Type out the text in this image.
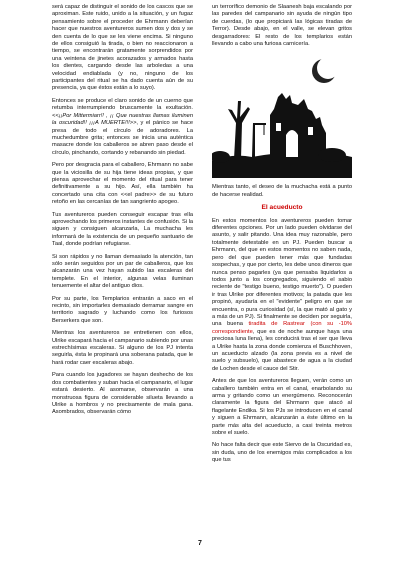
será capaz de distinguir el sonido de los cascos que se aproximan. Este ruido, unido a la situación, y un fugaz pensamiento sobre el proceder de Ehrmann deberían hacer que nuestros aventureros sumen dos y dos y se den cuenta de lo que se les viene encima. Si ninguno de ellos consiguió la tirada, o bien no reaccionaron a tiempo, se encontrarán gratamente sorprendidos por una veintena de jinetes acorazados y armados hasta los dientes, cargando desde las arboledas a una velocidad endiablada (y no, ninguno de los participantes del ritual se ha dado cuenta aún de su presencia, ya que éstos están a lo suyo).

Entonces se produce el claro sonido de un cuerno que retumba interrumpiendo bruscamente la exultación. <<¡¡Por Mittermiarr!! , ¡¡ Que nuestras llamas iluminen la oscuridad!! ¡¡¡A MUERTE!!!>>, y el pánico se hace presa de todo el círculo de adoradores. La muchedumbre grita; entonces se inicia una auténtica masacre donde los caballeros se abren paso desde el círculo, pinchando, cortando y rebanando sin piedad.

Pero por desgracia para el caballero, Ehrmann no sabe que la viciosilla de su hija tiene ideas propias, y que piensa aprovechar el momento del ritual para tener definitivamente a su hijo. Así, ella también ha concertado una cita con <<el padre>> de su futuro retoño en las cercanías de tan sangriento apogeo.

Tus aventureros pueden conseguir escapar tras ella aprovechando los primeros instantes de confusión. Si la siguen y consiguen alcanzarla, La muchacha les informará de la existencia de un pequeño santuario de Taal, donde podrían refugiarse.

Si son rápidos y no llaman demasiado la atención, tan sólo serán seguidos por un par de caballeros, que los alcanzarán una vez hayan subido las escaleras del templete. En el interior, algunas velas iluminan tenuemente el altar del antiguo dios.

Por su parte, los Templarios entrarán a saco en el recinto, sin importarles demasiado derramar sangre en territorio sagrado y luchando como los furiosos Berserkers que son.

Mientras los aventureros se entretienen con ellos, Ulrike escapará hacia el campanario subiendo por unas estrechísimas escaleras. Si alguno de los PJ intenta seguirla, ésta le propinará una soberana patada, que le hará rodar caer escaleras abajo.

Para cuando los jugadores se hayan deshecho de los dos combatientes y suban hacia el campanario, el lugar estará desierto. Al asomarse, observarán a una monstruosa figura de considerable silueta llevando a Ulrike a hombros y no precisamente de mala gana. Asombrados, observarán cómo

un terrorífico demonio de Slaanesh baja escalando por las paredes del campanario sin ayuda de ningún tipo de cuerdas, (lo que propiciará las lógicas tiradas de Terror). Desde abajo, en el valle, se elevan gritos desgarradores: El resto de los templarios están llevando a cabo una furiosa carnicería.

Mientras tanto, el deseo de la muchacha está a punto de hacerse realidad.

El acueducto

En estos momentos los aventureros pueden tomar diferentes opciones. Por un lado pueden olvidarse del asunto, y salir pitando. Una idea muy razonable, pero totalmente detestable en un PJ. Pueden buscar a Ehrmann, del que en estos momentos no saben nada, pero del que pueden tener más que fundadas sospechas, y que por cierto, les debe unos dineros que nunca penso pagarles (ya que pensaba liquidarlos a todos junto a los congregados, siguiendo el sabio reciente de "testigo bueno, testigo muerto"). O pueden ir tras Ulrike por diferentes motivos; la patada que les propinó, ayudaría en el "evidente" peligro en que se encuentra, o pura curiosidad (sí, la que mató al gato y a más de un PJ). Si finalmente se deciden por seguirla, una buena tiradita de Rastrear (con su -10% correspondiente, que es de noche aunque haya una preciosa luna llena), les conducirá tras el ser que lleva a Ulrike hasta la zona donde comienza el Buschhoven, un acueducto alzado (la zona previa es a nivel de suelo y subsuelo), que abastece de agua a la ciudad de Lochen desde el cauce del Stir.

Antes de que los aventureros lleguen, verán como un caballero también entra en el canal, enarbolando su arma y gritando como un energúmeno. Reconocerán claramente la figura del Ehrmann que atacó al flagelante Endika. Si los PJs se introducen en el canal y siguen a Ehrmann, alcanzarán a éste último en la parte más alta del acueducto, a casi treinta metros sobre el suelo.

No hace falta decir que este Siervo de la Oscuridad es, sin duda, uno de los enemigos más complicados a los que tus

7
